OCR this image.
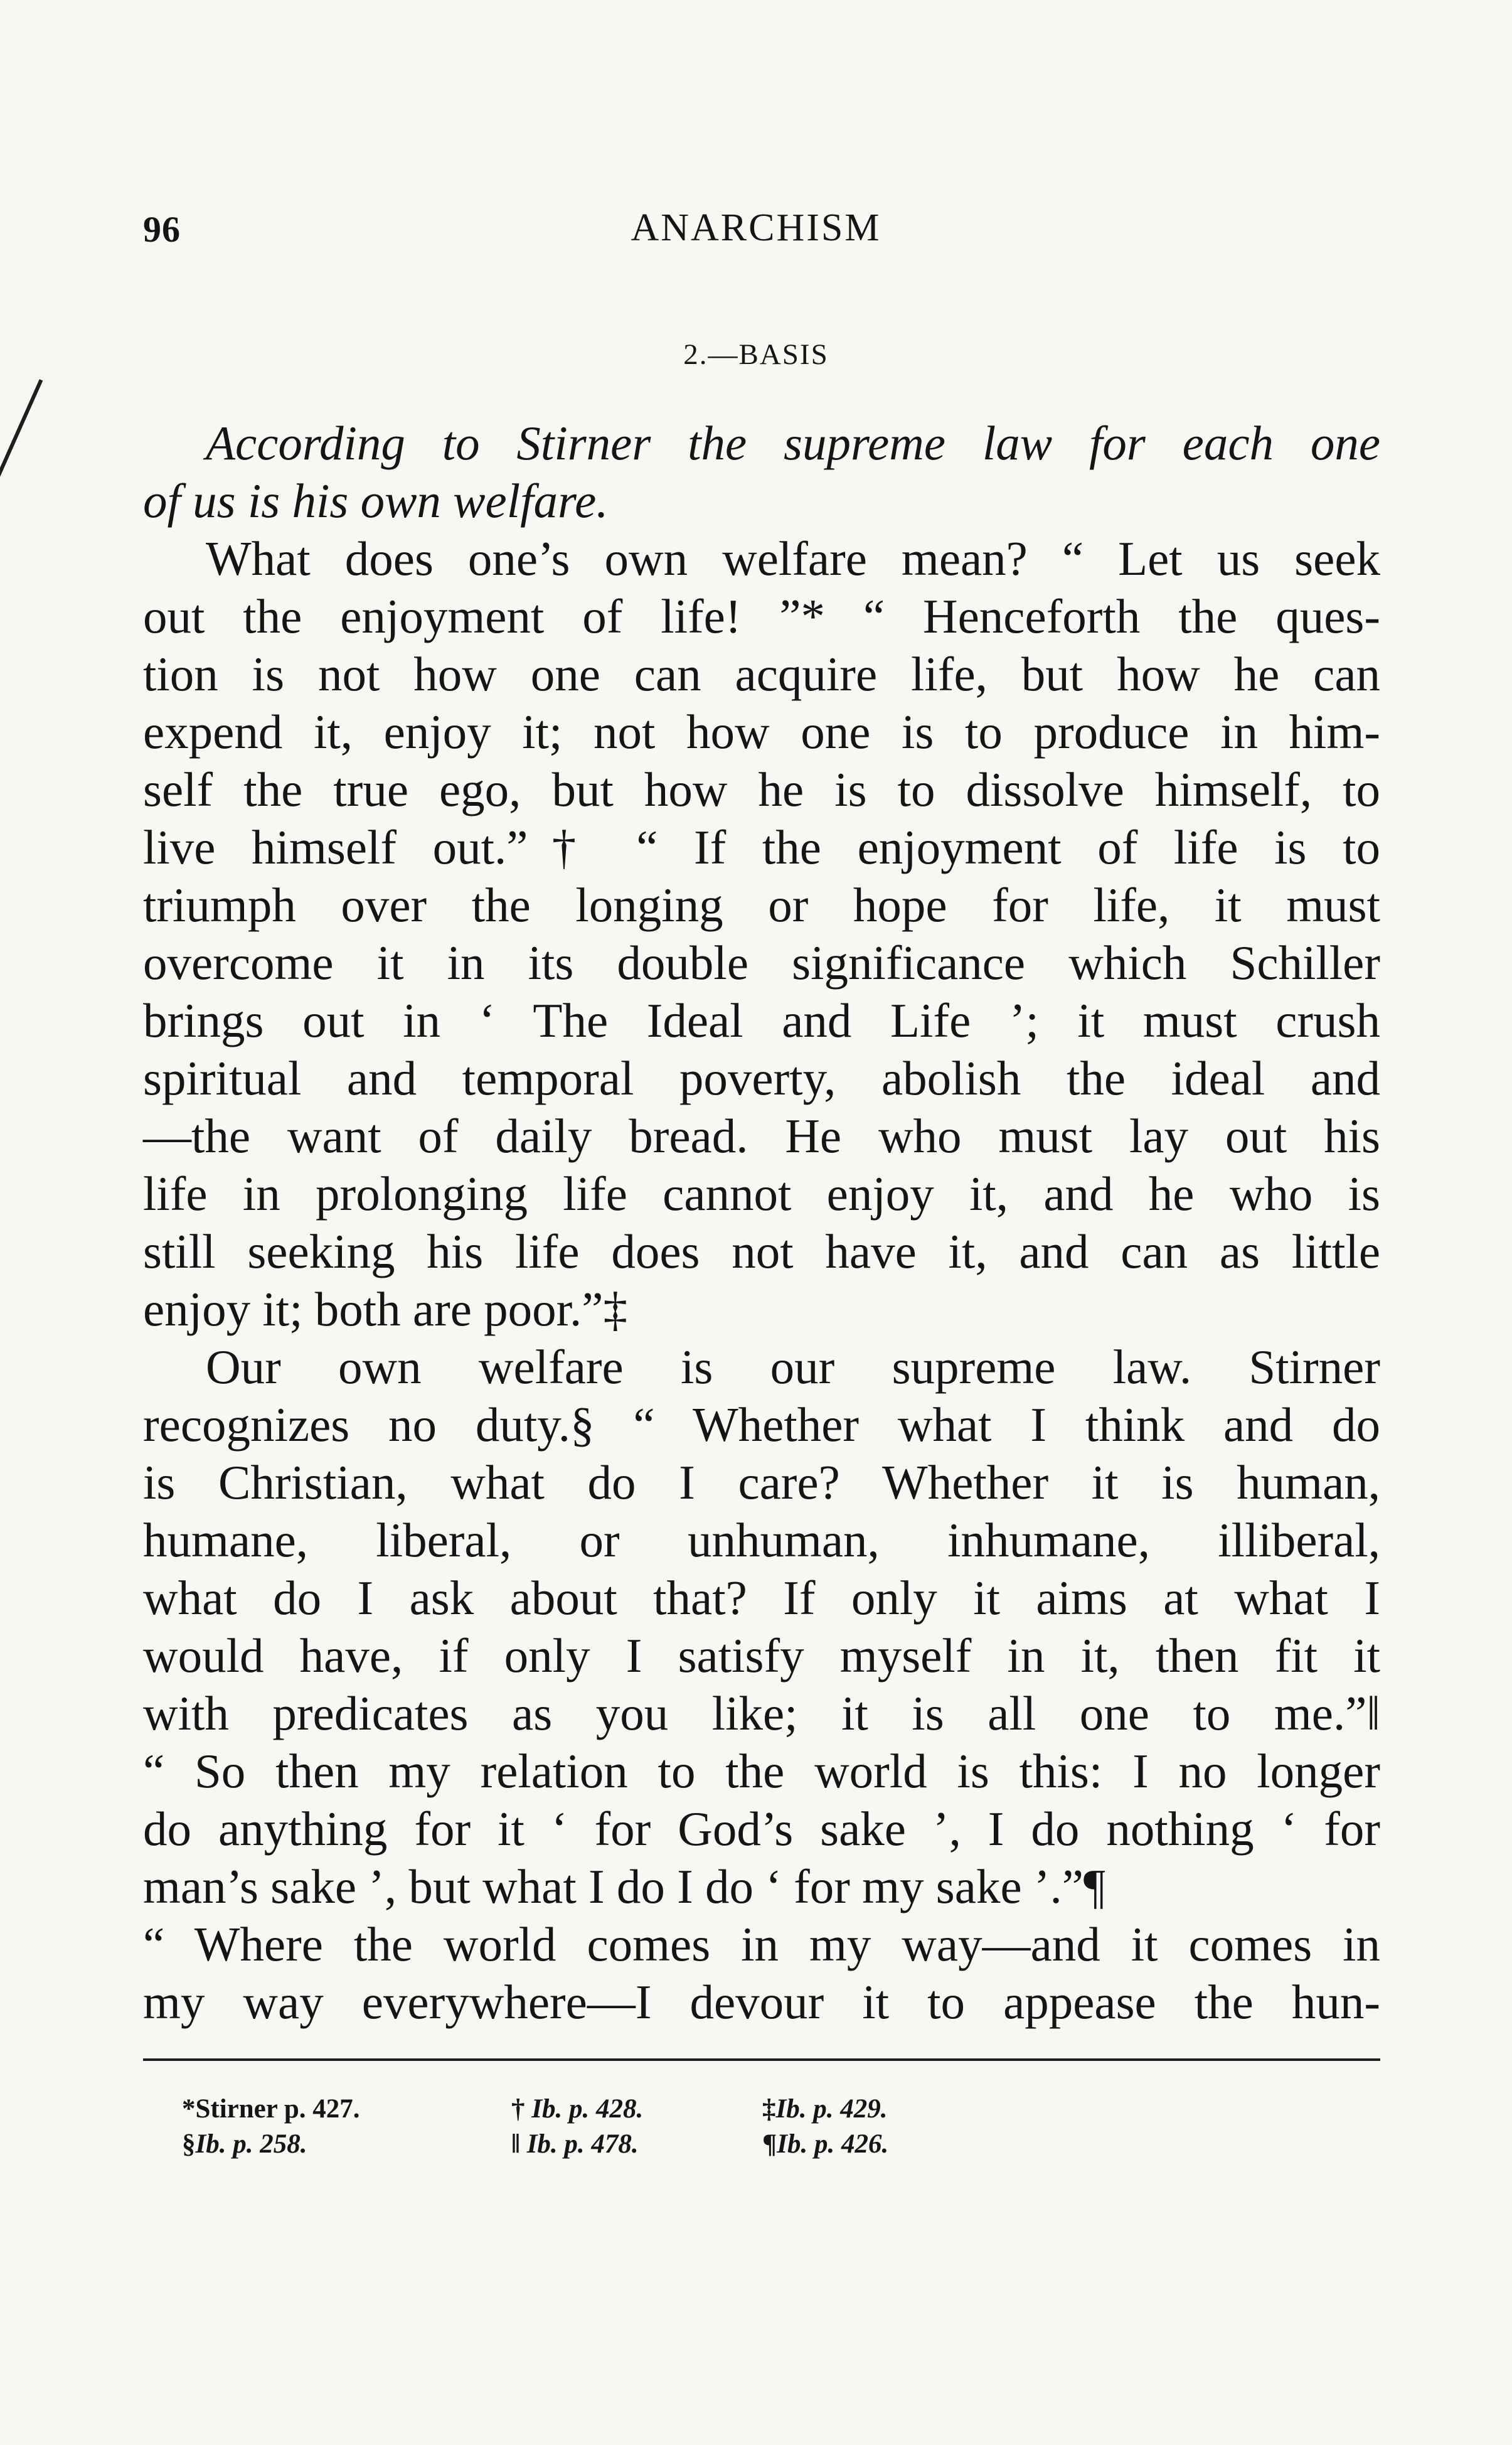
96	ANARCHISM
2.—BASIS
According to Stirner the supreme law for each one
of us is his own welfare.
What does one’s own welfare mean? “ Let us seek
out the enjoyment of life! ”* “ Henceforth the ques-
tion is not how one can acquire life, but how he can
expend it, enjoy it; not how one is to produce in him-
self the true ego, but how he is to dissolve himself, to
live himself out.”† “ If the enjoyment of life is to
triumph over the longing or hope for life, it must
overcome it in its double significance which Schiller
brings out in ‘ The Ideal and Life ’; it must crush
spiritual and temporal poverty, abolish the ideal and
—the want of daily bread. He who must lay out his
life in prolonging life cannot enjoy it, and he who is
still seeking his life does not have it, and can as little
enjoy it; both are poor.”‡
Our own welfare is our supreme law. Stirner
recognizes no duty.§ “ Whether what I think and do
is Christian, what do I care? Whether it is human,
humane, liberal, or unhuman, inhumane, illiberal,
what do I ask about that? If only it aims at what I
would have, if only I satisfy myself in it, then fit it
with predicates as you like; it is all one to me.”‖
“ So then my relation to the world is this: I no longer
do anything for it ‘ for God’s sake ’, I do nothing ‘ for
man’s sake ’, but what I do I do ‘ for my sake ’.”¶
“ Where the world comes in my way—and it comes in
my way everywhere—I devour it to appease the hun-
*Stirner p. 427.	† Ib. p. 428.	‡Ib. p. 429.
§Ib. p. 258.	‖ Ib. p. 478.	¶Ib. p. 426.
